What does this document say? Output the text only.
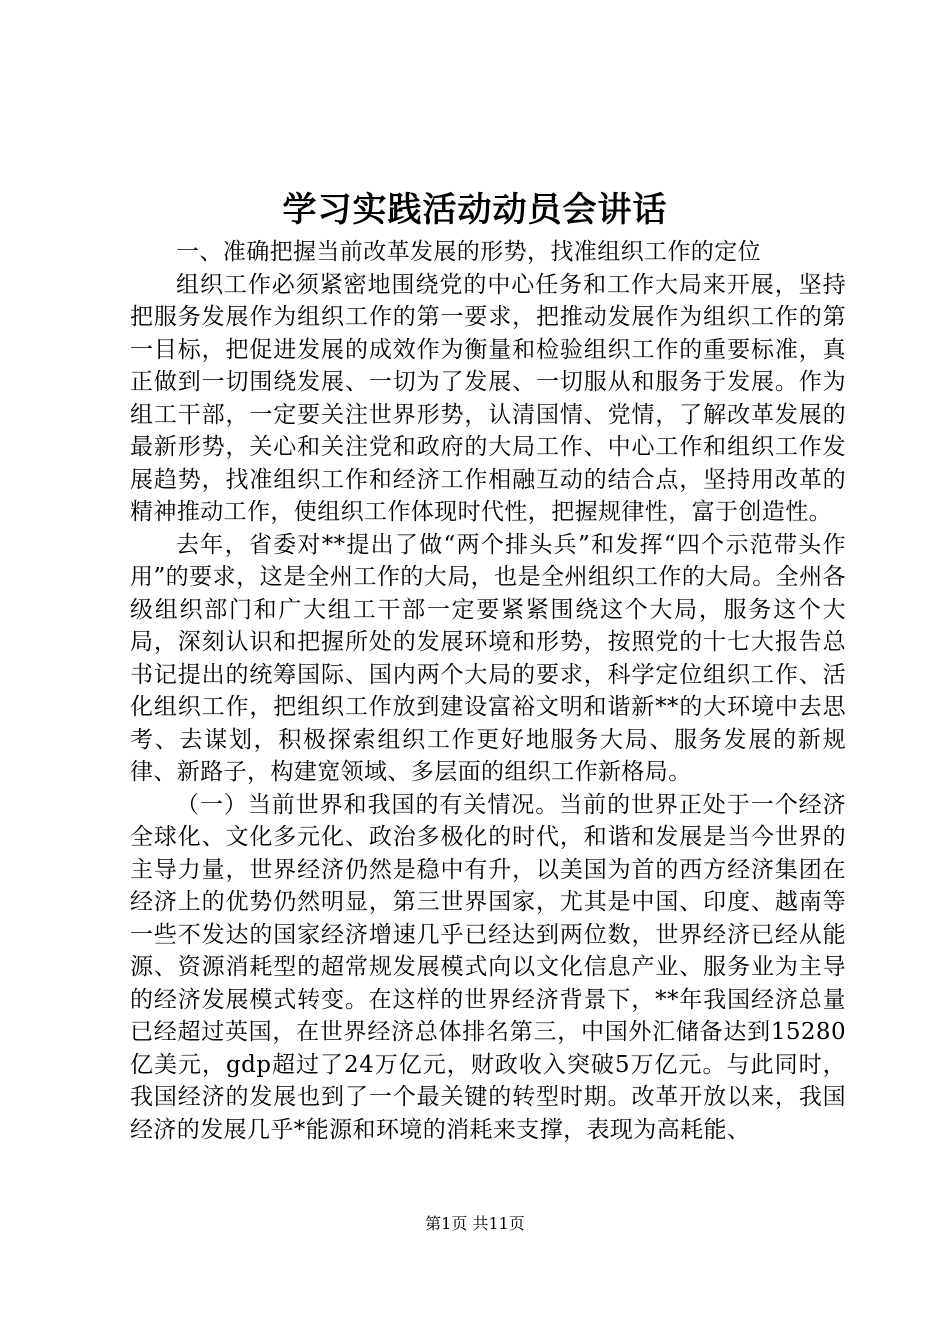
学习实践活动动员会讲话

一、准确把握当前改革发展的形势，找准组织工作的定位

组织工作必须紧密地围绕党的中心任务和工作大局来开展，坚持把服务发展作为组织工作的第一要求，把推动发展作为组织工作的第一目标，把促进发展的成效作为衡量和检验组织工作的重要标准，真正做到一切围绕发展、一切为了发展、一切服从和服务于发展。作为组工干部，一定要关注世界形势，认清国情、党情，了解改革发展的最新形势，关心和关注党和政府的大局工作、中心工作和组织工作发展趋势，找准组织工作和经济工作相融互动的结合点，坚持用改革的精神推动工作，使组织工作体现时代性，把握规律性，富于创造性。

去年，省委对**提出了做“两个排头兵”和发挥“四个示范带头作用”的要求，这是全州工作的大局，也是全州组织工作的大局。全州各级组织部门和广大组工干部一定要紧紧围绕这个大局，服务这个大局，深刻认识和把握所处的发展环境和形势，按照党的十七大报告总书记提出的统筹国际、国内两个大局的要求，科学定位组织工作、活化组织工作，把组织工作放到建设富裕文明和谐新**的大环境中去思考、去谋划，积极探索组织工作更好地服务大局、服务发展的新规律、新路子，构建宽领域、多层面的组织工作新格局。

（一）当前世界和我国的有关情况。当前的世界正处于一个经济全球化、文化多元化、政治多极化的时代，和谐和发展是当今世界的主导力量，世界经济仍然是稳中有升，以美国为首的西方经济集团在经济上的优势仍然明显，第三世界国家，尤其是中国、印度、越南等一些不发达的国家经济增速几乎已经达到两位数，世界经济已经从能源、资源消耗型的超常规发展模式向以文化信息产业、服务业为主导的经济发展模式转变。在这样的世界经济背景下，**年我国经济总量已经超过英国，在世界经济总体排名第三，中国外汇储备达到15280亿美元，gdp超过了24万亿元，财政收入突破5万亿元。与此同时，我国经济的发展也到了一个最关键的转型时期。改革开放以来，我国经济的发展几乎*能源和环境的消耗来支撑，表现为高耗能、

第1页 共11页
